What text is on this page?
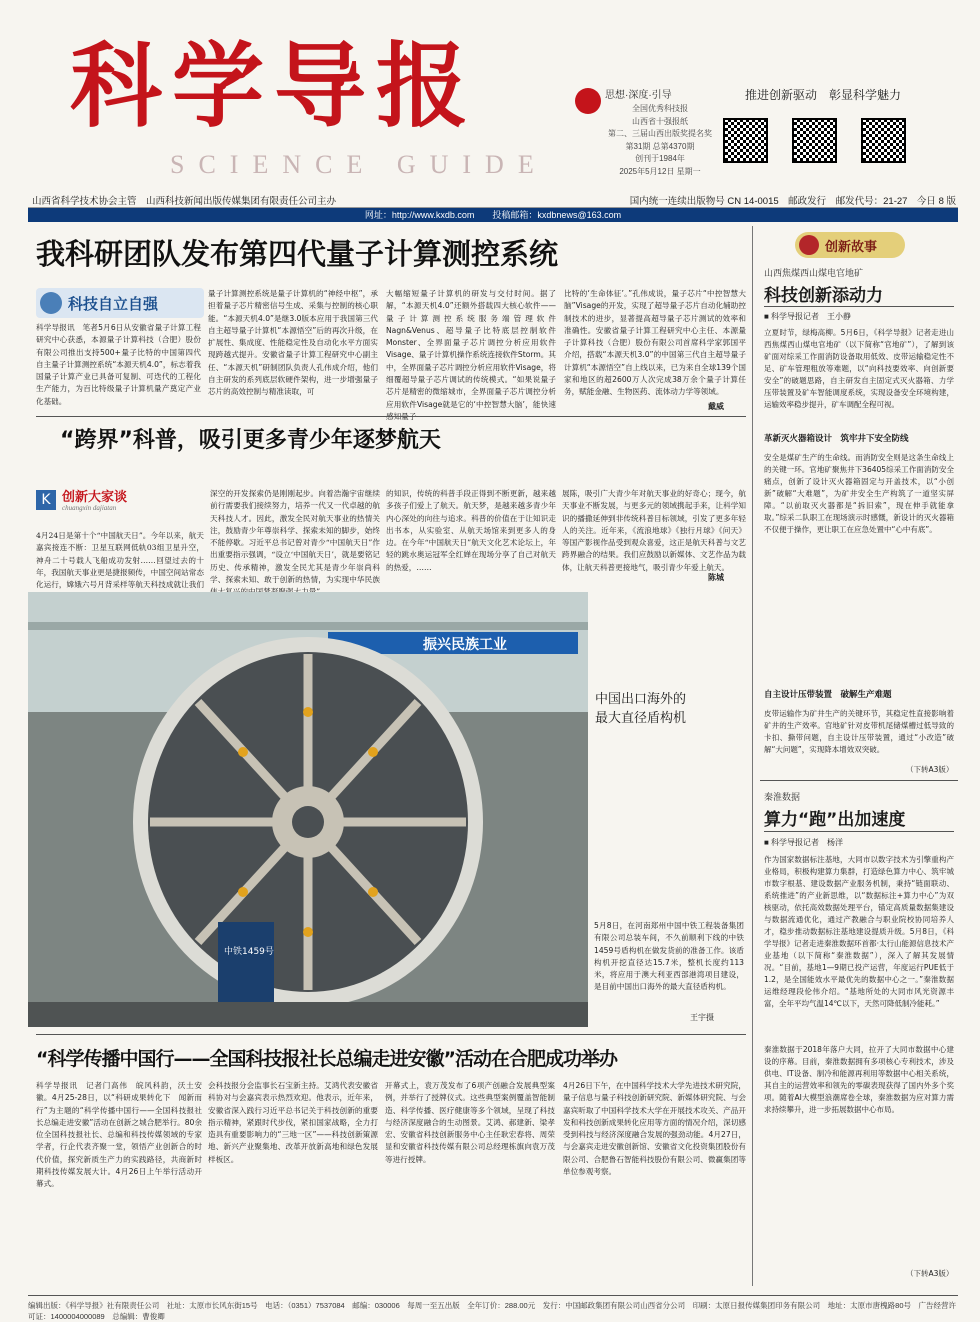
科学导报
SCIENCE GUIDE
思想·深度·引导
全国优秀科技报
山西省十强报纸
第二、三届山西出版奖提名奖
第31期 总第4370期
创刊于1984年
2025年5月12日 星期一
推进创新驱动　彰显科学魅力
山西省科学技术协会主管　山西科技新闻出版传媒集团有限责任公司主办	国内统一连续出版物号 CN 14-0015　邮政发行　邮发代号：21-27　今日 8 版
网址：http://www.kxdb.com　　投稿邮箱：kxdbnews@163.com
我科研团队发布第四代量子计算测控系统
科技自立自强
科学导报讯　笔者5月6日从安徽省量子计算工程研究中心获悉，本源量子计算科技（合肥）股份有限公司推出支持500+量子比特的中国第四代自主量子计算测控系统“本源天机4.0”，标志着我国量子计算产业已具备可复制、可迭代的工程化生产能力，为百比特级量子计算机量产奠定产业化基础。
量子计算测控系统是量子计算机的“神经中枢”，承担着量子芯片精密信号生成、采集与控制的核心职能。“本源天机4.0”是继3.0版本应用于我国第三代自主超导量子计算机“本源悟空”后的再次升级，在扩展性、集成度、性能稳定性及自动化水平方面实现跨越式提升。安徽省量子计算工程研究中心副主任、“本源天机”研制团队负责人孔伟成介绍，他们自主研发的系列底层软硬件架构，进一步增强量子芯片的高效控制与精准读取，可
大幅缩短量子计算机的研发与交付时间。据了解，“本源天机4.0”还额外搭载四大核心软件——量子计算测控系统服务端管理软件Nagn&Venus、超导量子比特底层控制软件Monster、全界面量子芯片调控分析应用软件Visage、量子计算机操作系统连接软件Storm。其中，全界面量子芯片调控分析应用软件Visage，将细覆超导量子芯片调试的传统模式。“如果说量子芯片是精密的微缩城市，全界面量子芯片调控分析应用软件Visage就是它的‘中控智慧大脑’，能快速
比特的‘生命体征’。”孔伟成说，量子芯片“中控智慧大脑”Visage的开发，实现了超导量子芯片自动化辅助控制技术的进步，显著提高超导量子芯片测试的效率和准确性。安徽省量子计算工程研究中心主任、本源量子计算科技（合肥）股份有限公司首席科学家郭国平介绍，搭载“本源天机3.0”的中国第三代自主超导量子计算机“本源悟空”自上线以来，已为来自全球139个国家和地区的超2600万人次完成38万余个量子计算任务，赋能金融、生物医药、流体动力学等领域。
戴威
“跨界”科普，吸引更多青少年逐梦航天
K 创新大家谈
chuangxin dajiatan
4月24日是第十个“中国航天日”。今年以来，航天嘉宾接连不断：卫星互联网低轨03组卫星升空，神舟二十号载人飞船成功发射……回望过去的十年，我国航天事业更是捷报频传，中国空间站常态化运行，嫦娥六号月背采样等航天科技成就让我们
深空的开发探索仍是刚刚起步。向着浩瀚宇宙继续前行需要我们接续努力，培养一代又一代卓越的航天科技人才。因此，激发全民对航天事业的热情关注，鼓励青少年尊崇科学、探索未知的脚步，始终不能停歇。习近平总书记曾对青少“中国航天日”作出重要指示强调，“设立‘中国航天日’，就是要铭记历史、传承精神，激发全民尤其是青少年崇尚科学、探索未知、敢于创新的热情，为实现中华民族
的知识，传统的科普手段正得到不断更新，越来越多孩子们爱上了航天。航天梦，是越来越多青少年内心深处的向往与追求。科普的价值在于让知识走出书本，从实验室、从航天场馆来到更多人的身边。在今年“中国航天日”航天文化艺术论坛上，年轻的跳水奥运冠军全红婵在现场分享了自己对航天的热爱，……
展陈，吸引广大青少年对航天事业的好奇心；现今，航天事业不断发展，与更多元的领域携起手来，让科学知识的播撒延伸到非传统科普目标领域，引发了更多年轻人的关注。近年来，《流浪地球》《独行月球》《问天》等国产影视作品受到观众喜爱，这正是航天科普与文艺跨界融合的结果。我们应鼓励以新媒体、文艺作品为载体，让航天科普更接地气，吸引青少年爱上航天。
陈城
振兴民族工业
中铁1459号
中国出口海外的
最大直径盾构机
5月8日，在河南郑州中国中铁工程装备集团有限公司总装车间，不久前顺利下线的中铁1459号盾构机在做发货前的准备工作。该盾构机开挖直径达15.7米，整机长度约113米，将应用于澳大利亚西部港湾项目建设，是目前中国出口海外的最大直径盾构机。
王宇摄
“科学传播中国行——全国科技报社长总编走进安徽”活动在合肥成功举办
科学导报讯　记者门高伟　皖风科韵，沃土安徽。4月25-28日，以“科研成果转化下　闻新而行”为主题的“科学传播中国行——全国科技报社长总编走进安徽”活动在创新之城合肥举行。80余位全国科技报社长、总编和科技传媒领域的专家学者，行企代表齐聚一堂，领悟产业创新合的时代价值，探究新质生产力的实践路径，共商新时期科技传媒发展大计。4月26日上午举行活动开幕式。
会科技报分会监事长石宝新主持。艾鸿代表安徽省科协对与会嘉宾表示热烈欢迎。他表示，近年来，安徽省深入践行习近平总书记关于科技创新的重要指示精神，紧跟时代步伐，紧扣国家战略，全力打造具有重要影响力的“三地一区”——科技创新策源地、新兴产业聚集地、改革开放新高地和绿色发展样板区。
开幕式上，袁万茂发布了6项产创融合发展典型案例，并举行了授牌仪式。这些典型案例覆盖智能制造、科学传播、医疗健康等多个领域，呈现了科技与经济深度融合的生动图景。艾鸿、郝建新、梁孝宏、安徽省科技创新服务中心主任耿宏春将、周荣显和安徽省科技传媒有限公司总经理栋旗向袁万茂等进行授牌。
4月26日下午，在中国科学技术大学先进技术研究院，量子信息与量子科技创新研究院、新媒体研究院、与会嘉宾听取了中国科学技术大学在开展技术攻关、产品开发和科技创新成果转化应用等方面的情况介绍，深切感受到科技与经济深度融合发展的强劲动能。4月27日，与会嘉宾走进安徽创新馆、安徽省文化投资集团股份有限公司、合肥鲁石智能科技股份有限公司、微赢集团等单位参观考察。
创新故事
山西焦煤西山煤电官地矿
科技创新添动力
■ 科学导报记者　王小静
立夏时节，绿梅高柳。5月6日，《科学导报》记者走进山西焦煤西山煤电官地矿（以下简称“官地矿”），了解到该矿面对综采工作面消防设备取用低效、皮带运输稳定性不足、矿车管理粗放等难题，以“向科技要效率、向创新要安全”的破题思路，自主研发自主固定式灭火器箱、力学压带装置及矿车智能调度系统，实现设备安全环境构建，运输效率稳步提升，矿车调配全程可视。
革新灭火器箱设计　筑牢井下安全防线
安全是煤矿生产的生命线。而消防安全则是这条生命线上的关键一环。官地矿聚焦井下36405综采工作面消防安全痛点，创新了设计灭火器箱固定与开盖技术，以“小创新”破解“大难题”，为矿井安全生产构筑了一道坚实屏障。“以前取灭火器都是“拆旧索”，现在伸手就能拿取。”综采二队职工在现场演示时感慨，新设计的灭火器箱不仅便于操作，更让职工在应急处置中“心中有底”。
自主设计压带装置　破解生产难题
皮带运输作为矿井生产的关键环节，其稳定性直接影响着矿井的生产效率。官地矿针对皮带机尾储煤槽过低导致的卡扣、撕带问题，自主设计压带装置，通过“小改造”破解“大问题”，实现降本增效双突破。
（下转A3版）
秦淮数据
算力“跑”出加速度
■ 科学导报记者　杨洋
作为国家数据标注基地，大同市以数字技术为引擎重构产业格局，积极构建算力集群，打造绿色算力中心、筑牢城市数字根基、建设数据产业服务机制，秉持“链面联动、系统推进”的产业新思维，以“数据标注+算力中心”为双核驱动，依托高效数据处理平台，锚定高质量数据集建设与数据流通优化，通过产教融合与职业院校协同培养人才，稳步推动数据标注基地建设提质升级。5月8日，《科学导报》记者走进秦淮数据环首都·太行山能源信息技术产业基地（以下简称“秦淮数据”），深入了解其发展情况。“目前，基地1—9期已投产运营，年度运行PUE低于1.2，是全国能效水平最优先的数据中心之一。”秦淮数据运维经理段伦伟介绍。“基地所处的大同市风光资源丰富，全年平均气温14℃以下，天然可降低制冷能耗。”
秦淮数据于2018年落户大同，拉开了大同市数据中心建设的序幕。目前，秦淮数据拥有多项核心专利技术，涉及供电、IT设备、制冷和能源再利用等数据中心相关系统，其自主的运营效率和领先的零碳表现获得了国内外多个奖项。随着AI大模型浪潮席卷全球，秦淮数据为应对算力需求持续攀升，进一步拓展数据中心布局。
（下转A3版）
编辑出版：《科学导报》社有限责任公司　社址：太原市长风东街15号　电话：（0351）7537084　邮编：030006　每周一至五出版　全年订价：288.00元　发行：中国邮政集团有限公司山西省分公司　印刷：太原日报传媒集团印务有限公司　地址：太原市唐槐路80号　广告经营许可证：1400004000089　总编辑：曹俊卿
